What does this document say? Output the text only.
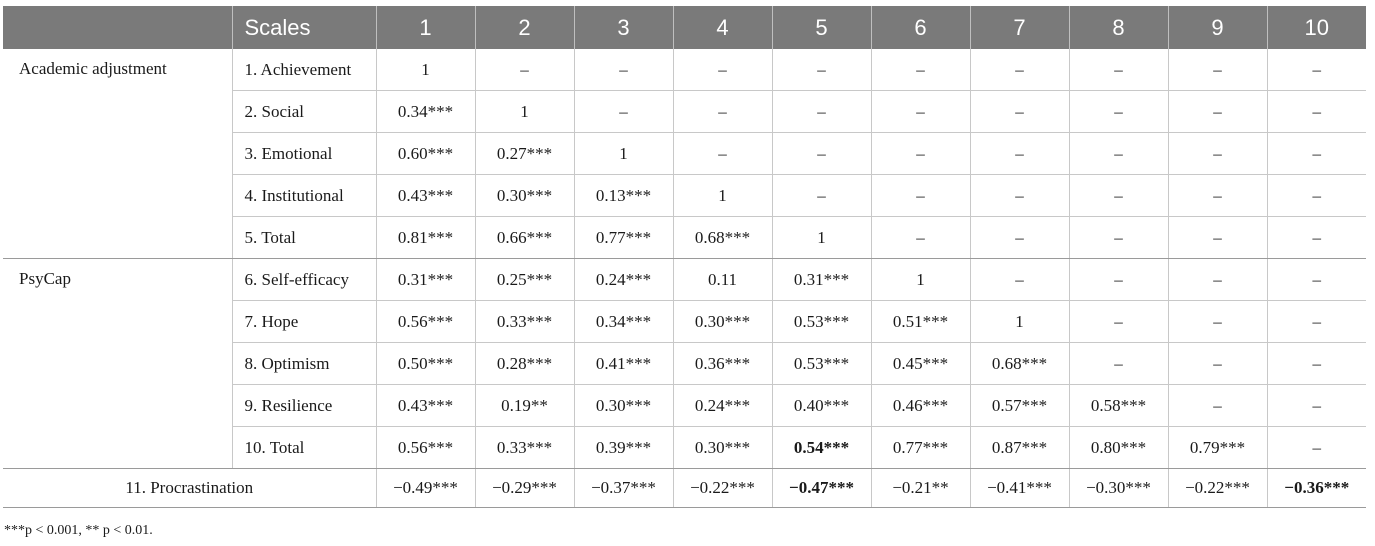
	Scales	1	2	3	4	5	6	7	8	9	10
Academic adjustment	1. Achievement	1	–	–	–	–	–	–	–	–	–
	2. Social	0.34***	1	–	–	–	–	–	–	–	–
	3. Emotional	0.60***	0.27***	1	–	–	–	–	–	–	–
	4. Institutional	0.43***	0.30***	0.13***	1	–	–	–	–	–	–
	5. Total	0.81***	0.66***	0.77***	0.68***	1	–	–	–	–	–
PsyCap	6. Self-efficacy	0.31***	0.25***	0.24***	0.11	0.31***	1	–	–	–	–
	7. Hope	0.56***	0.33***	0.34***	0.30***	0.53***	0.51***	1	–	–	–
	8. Optimism	0.50***	0.28***	0.41***	0.36***	0.53***	0.45***	0.68***	–	–	–
	9. Resilience	0.43***	0.19**	0.30***	0.24***	0.40***	0.46***	0.57***	0.58***	–	–
	10. Total	0.56***	0.33***	0.39***	0.30***	0.54***	0.77***	0.87***	0.80***	0.79***	–
11. Procrastination		−0.49***	−0.29***	−0.37***	−0.22***	−0.47***	−0.21**	−0.41***	−0.30***	−0.22***	−0.36***
***p < 0.001, ** p < 0.01.
